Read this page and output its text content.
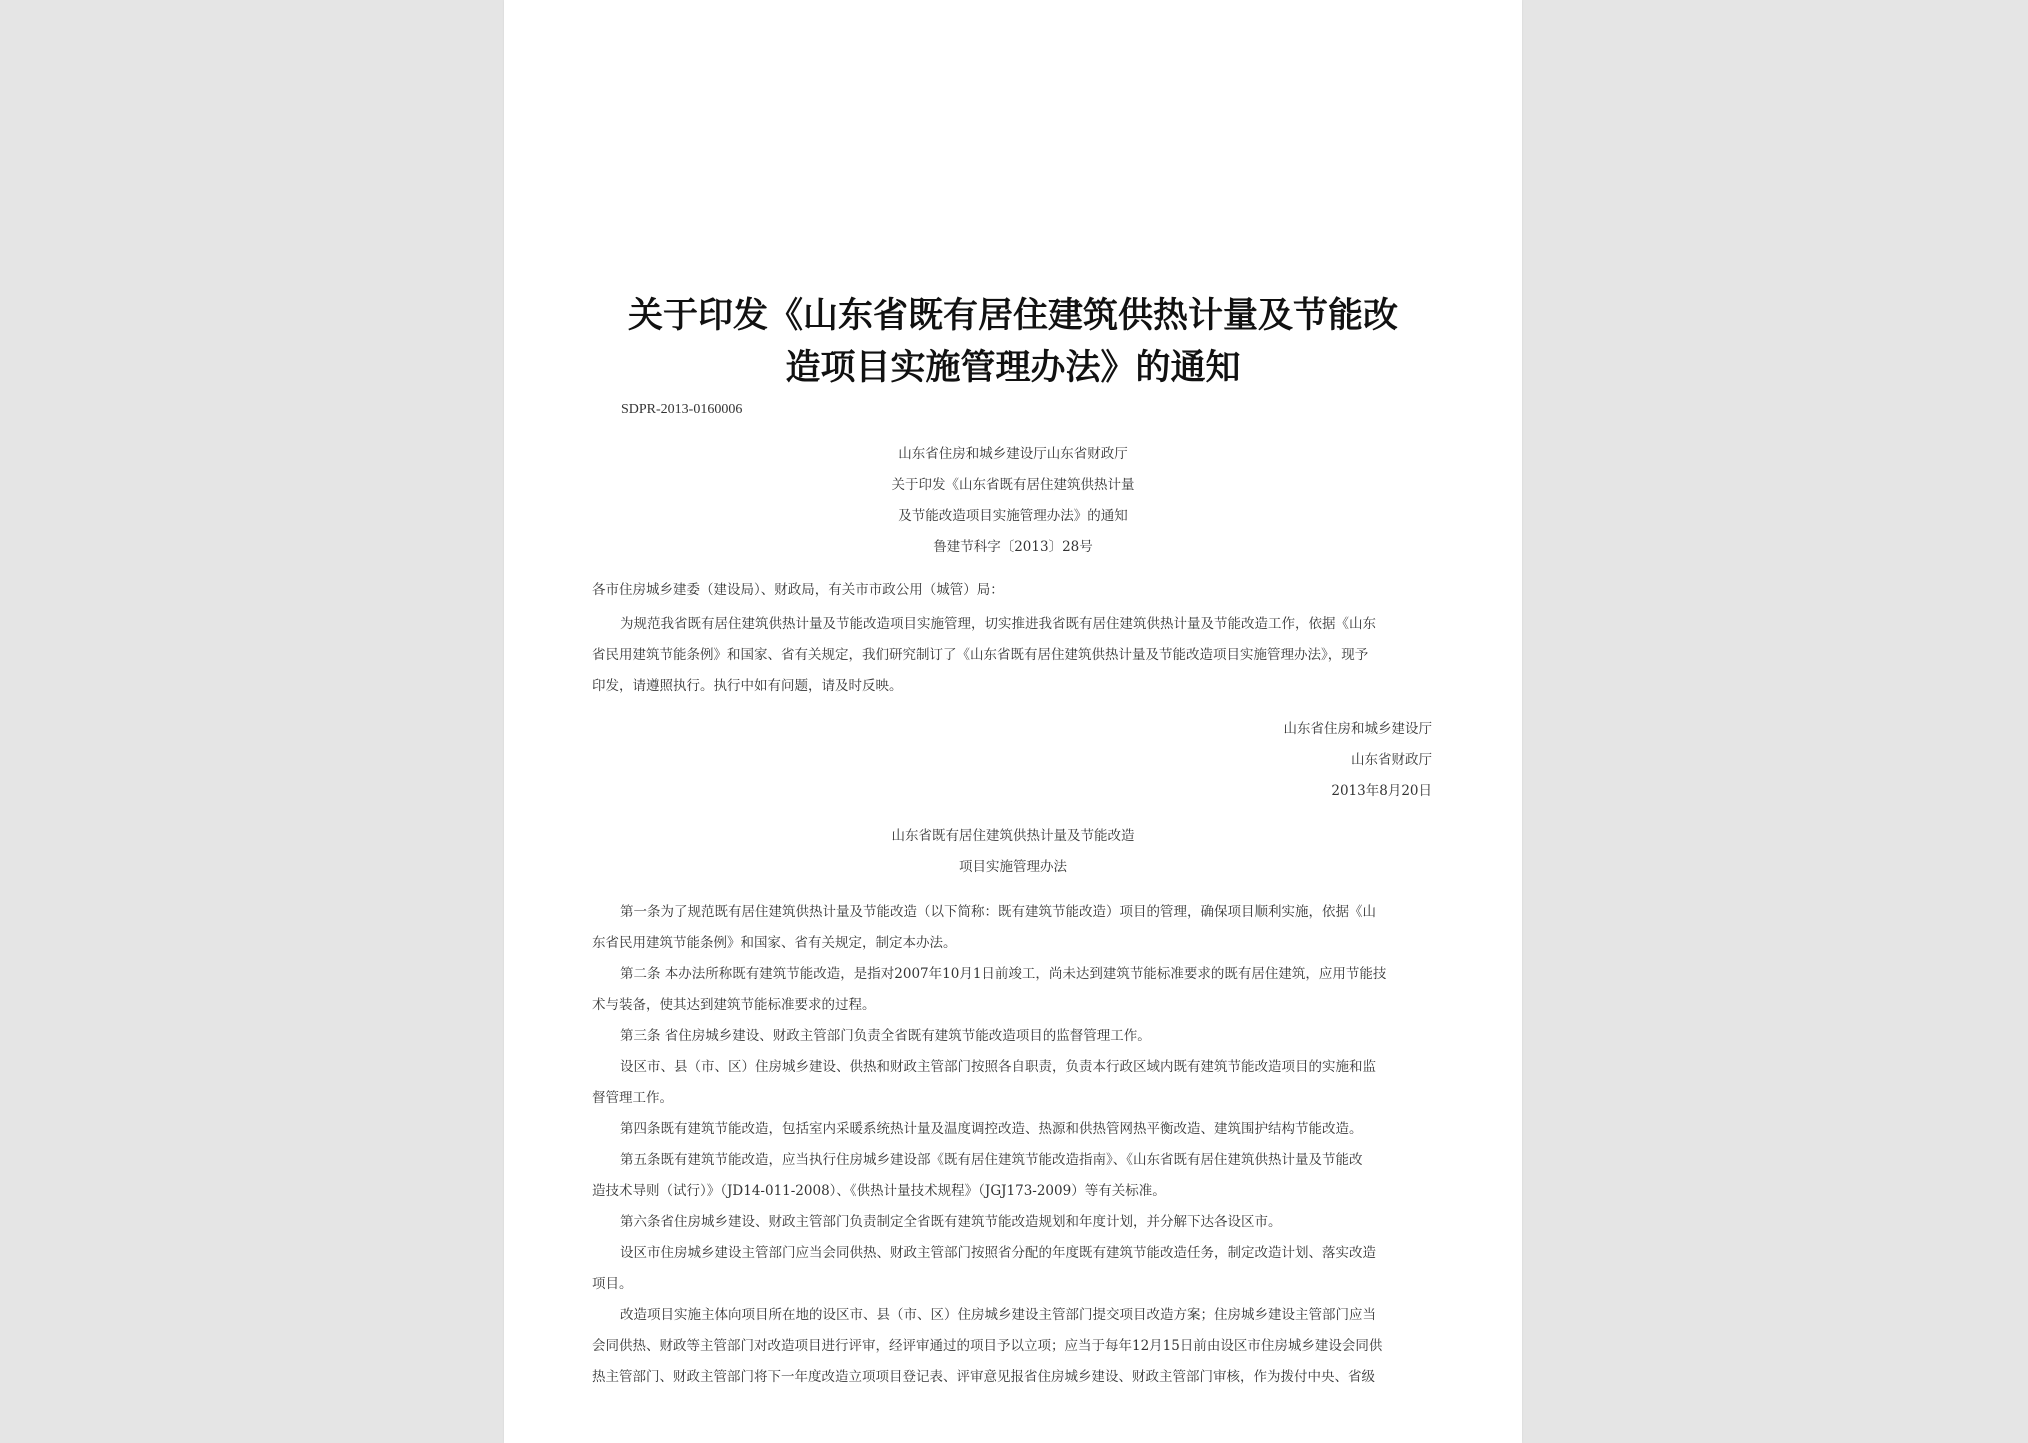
关于印发《山东省既有居住建筑供热计量及节能改
造项目实施管理办法》的通知
SDPR-2013-0160006
山东省住房和城乡建设厅山东省财政厅
关于印发《山东省既有居住建筑供热计量
及节能改造项目实施管理办法》的通知
鲁建节科字〔2013〕28号
各市住房城乡建委（建设局）、财政局，有关市市政公用（城管）局：
为规范我省既有居住建筑供热计量及节能改造项目实施管理，切实推进我省既有居住建筑供热计量及节能改造工作，依据《山东
省民用建筑节能条例》和国家、省有关规定，我们研究制订了《山东省既有居住建筑供热计量及节能改造项目实施管理办法》，现予
印发，请遵照执行。执行中如有问题，请及时反映。
山东省住房和城乡建设厅
山东省财政厅
2013年8月20日
山东省既有居住建筑供热计量及节能改造
项目实施管理办法
第一条为了规范既有居住建筑供热计量及节能改造（以下简称：既有建筑节能改造）项目的管理，确保项目顺利实施，依据《山
东省民用建筑节能条例》和国家、省有关规定，制定本办法。
第二条 本办法所称既有建筑节能改造，是指对2007年10月1日前竣工，尚未达到建筑节能标准要求的既有居住建筑，应用节能技
术与装备，使其达到建筑节能标准要求的过程。
第三条 省住房城乡建设、财政主管部门负责全省既有建筑节能改造项目的监督管理工作。
设区市、县（市、区）住房城乡建设、供热和财政主管部门按照各自职责，负责本行政区域内既有建筑节能改造项目的实施和监
督管理工作。
第四条既有建筑节能改造，包括室内采暖系统热计量及温度调控改造、热源和供热管网热平衡改造、建筑围护结构节能改造。
第五条既有建筑节能改造，应当执行住房城乡建设部《既有居住建筑节能改造指南》、《山东省既有居住建筑供热计量及节能改
造技术导则（试行）》（JD14-011-2008）、《供热计量技术规程》（JGJ173-2009）等有关标准。
第六条省住房城乡建设、财政主管部门负责制定全省既有建筑节能改造规划和年度计划，并分解下达各设区市。
设区市住房城乡建设主管部门应当会同供热、财政主管部门按照省分配的年度既有建筑节能改造任务，制定改造计划、落实改造
项目。
改造项目实施主体向项目所在地的设区市、县（市、区）住房城乡建设主管部门提交项目改造方案；住房城乡建设主管部门应当
会同供热、财政等主管部门对改造项目进行评审，经评审通过的项目予以立项；应当于每年12月15日前由设区市住房城乡建设会同供
热主管部门、财政主管部门将下一年度改造立项项目登记表、评审意见报省住房城乡建设、财政主管部门审核，作为拨付中央、省级
